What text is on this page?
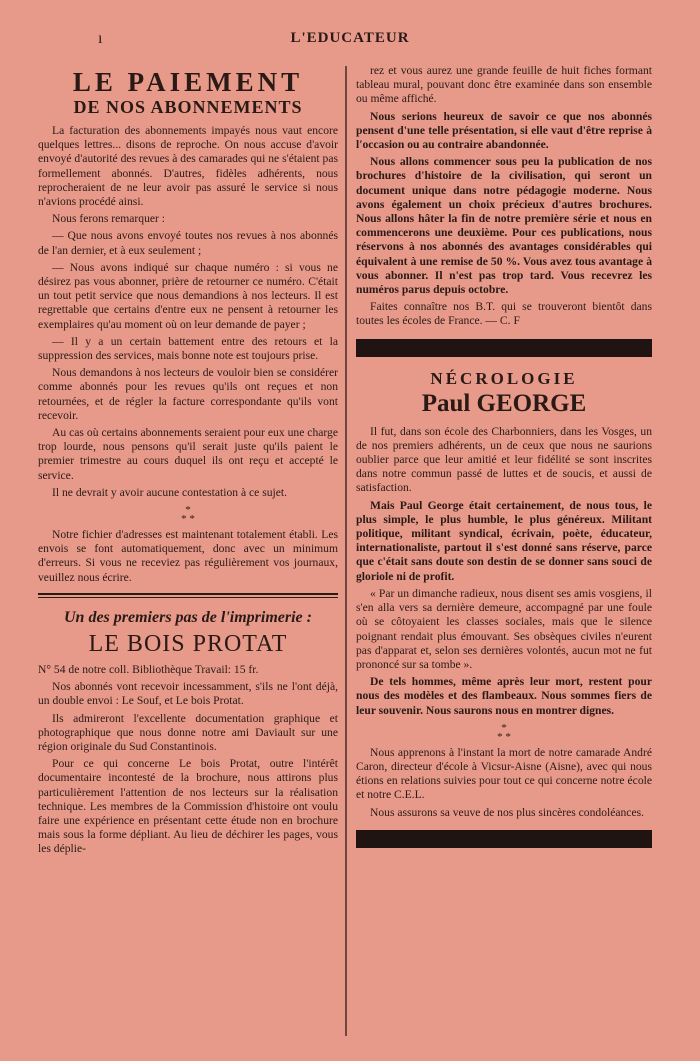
ı	L'EDUCATEUR
LE PAIEMENT
DE NOS ABONNEMENTS

La facturation des abonnements impayés nous vaut encore quelques lettres... disons de reproche. On nous accuse d'avoir envoyé d'autorité des revues à des camarades qui ne s'étaient pas formellement abonnés. D'autres, fidèles adhérents, nous reprocheraient de ne leur avoir pas assuré le service si nous n'avions procédé ainsi.

Nous ferons remarquer :

— Que nous avons envoyé toutes nos revues à nos abonnés de l'an dernier, et à eux seulement ;

— Nous avons indiqué sur chaque numéro : si vous ne désirez pas vous abonner, prière de retourner ce numéro. C'était un tout petit service que nous demandions à nos lecteurs. Il est regrettable que certains d'entre eux ne pensent à retourner les exemplaires qu'au moment où on leur demande de payer ;

— Il y a un certain battement entre des retours et la suppression des services, mais bonne note est toujours prise.

Nous demandons à nos lecteurs de vouloir bien se considérer comme abonnés pour les revues qu'ils ont reçues et non retournées, et de régler la facture correspondante qu'ils vont recevoir.

Au cas où certains abonnements seraient pour eux une charge trop lourde, nous pensons qu'il serait juste qu'ils paient le premier trimestre au cours duquel ils ont reçu et accepté le service.

Il ne devrait y avoir aucune contestation à ce sujet.

*
* *

Notre fichier d'adresses est maintenant totalement établi. Les envois se font automatiquement, donc avec un minimum d'erreurs. Si vous ne receviez pas régulièrement vos journaux, veuillez nous écrire.

Un des premiers pas de l'imprimerie :
LE BOIS PROTAT

N° 54 de notre coll. Bibliothèque Travail: 15 fr.

Nos abonnés vont recevoir incessamment, s'ils ne l'ont déjà, un double envoi : Le Souf, et Le bois Protat.

Ils admireront l'excellente documentation graphique et photographique que nous donne notre ami Daviault sur une région originale du Sud Constantinois.

Pour ce qui concerne Le bois Protat, outre l'intérêt documentaire incontesté de la brochure, nous attirons plus particulièrement l'attention de nos lecteurs sur la réalisation technique. Les membres de la Commission d'histoire ont voulu faire une expérience en présentant cette étude non en brochure mais sous la forme dépliant. Au lieu de déchirer les pages, vous les déplie-

rez et vous aurez une grande feuille de huit fiches formant tableau mural, pouvant donc être examinée dans son ensemble ou même affiché.

Nous serions heureux de savoir ce que nos abonnés pensent d'une telle présentation, si elle vaut d'être reprise à l'occasion ou au contraire abandonnée.

Nous allons commencer sous peu la publication de nos brochures d'histoire de la civilisation, qui seront un document unique dans notre pédagogie moderne. Nous avons également un choix précieux d'autres brochures. Nous allons hâter la fin de notre première série et nous en commencerons une deuxième. Pour ces publications, nous réservons à nos abonnés des avantages considérables qui équivalent à une remise de 50 %. Vous avez tous avantage à vous abonner. Il n'est pas trop tard. Vous recevrez les numéros parus depuis octobre.

Faites connaître nos B.T. qui se trouveront bientôt dans toutes les écoles de France. — C. F

NÉCROLOGIE
Paul GEORGE

Il fut, dans son école des Charbonniers, dans les Vosges, un de nos premiers adhérents, un de ceux que nous ne saurions oublier parce que leur amitié et leur fidélité se sont inscrites dans notre commun passé de luttes et de soucis, et aussi de satisfaction.

Mais Paul George était certainement, de nous tous, le plus simple, le plus humble, le plus généreux. Militant politique, militant syndical, écrivain, poète, éducateur, internationaliste, partout il s'est donné sans réserve, parce que c'était sans doute son destin de se donner sans souci de gloriole ni de profit.

« Par un dimanche radieux, nous disent ses amis vosgiens, il s'en alla vers sa dernière demeure, accompagné par une foule où se côtoyaient les classes sociales, mais que le silence poignant rendait plus émouvant. Ses obsèques civiles n'eurent pas d'apparat et, selon ses dernières volontés, aucun mot ne fut prononcé sur sa tombe ».

De tels hommes, même après leur mort, restent pour nous des modèles et des flambeaux. Nous sommes fiers de leur souvenir. Nous saurons nous en montrer dignes.

*
* *

Nous apprenons à l'instant la mort de notre camarade André Caron, directeur d'école à Vicsur-Aisne (Aisne), avec qui nous étions en relations suivies pour tout ce qui concerne notre école et notre C.E.L.

Nous assurons sa veuve de nos plus sincères condoléances.
